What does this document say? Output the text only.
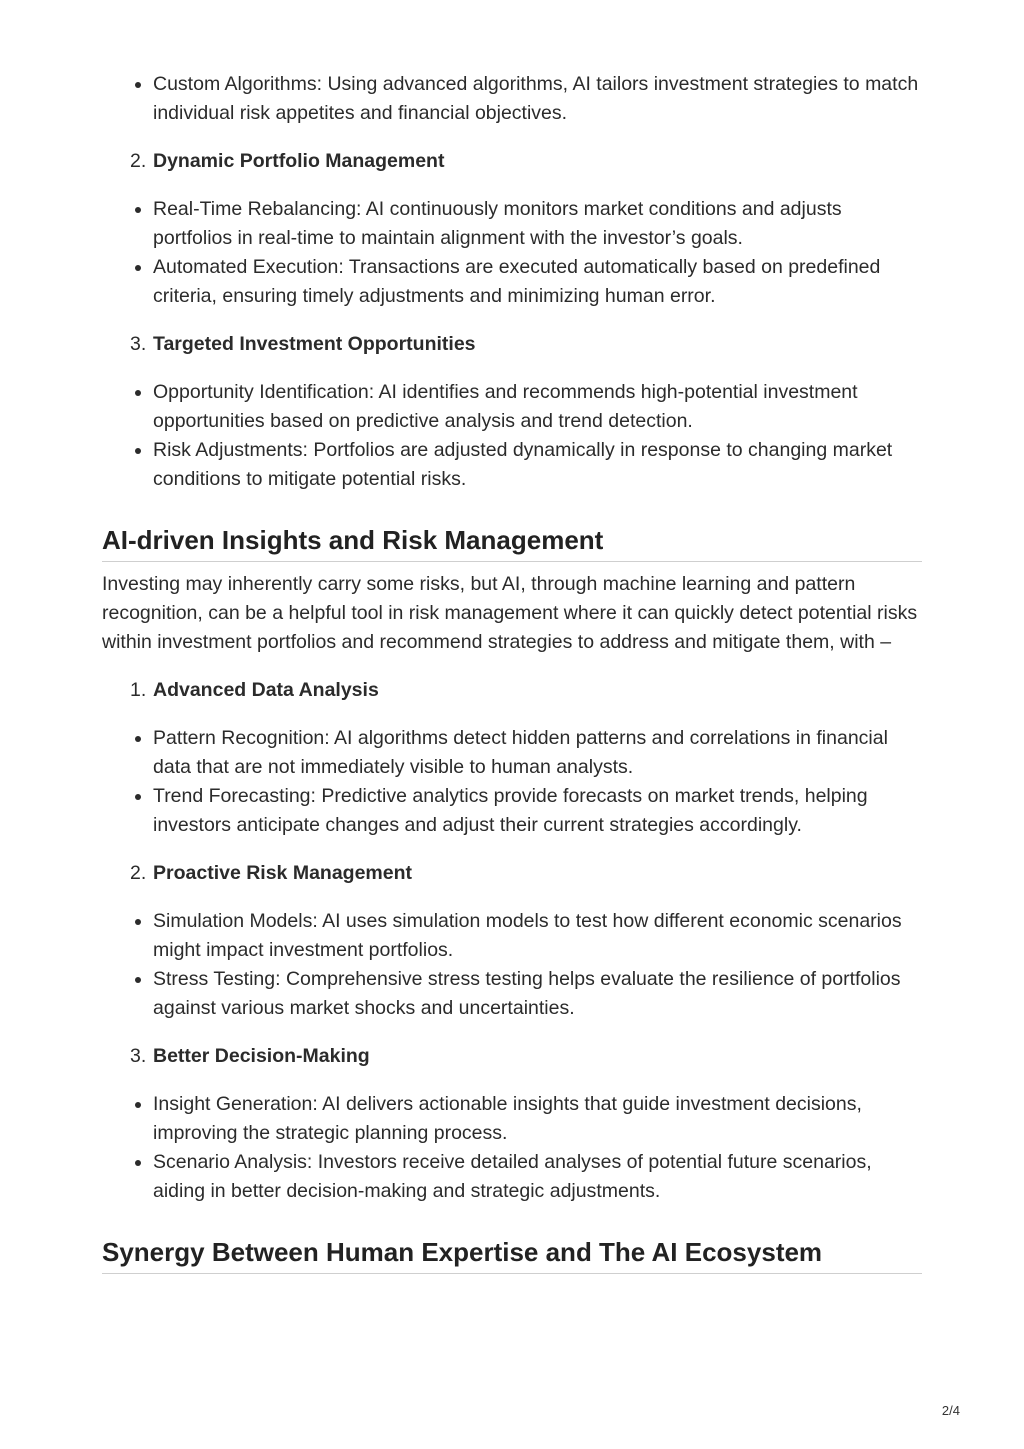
Custom Algorithms: Using advanced algorithms, AI tailors investment strategies to match individual risk appetites and financial objectives.
2. Dynamic Portfolio Management
Real-Time Rebalancing: AI continuously monitors market conditions and adjusts portfolios in real-time to maintain alignment with the investor’s goals.
Automated Execution: Transactions are executed automatically based on predefined criteria, ensuring timely adjustments and minimizing human error.
3. Targeted Investment Opportunities
Opportunity Identification: AI identifies and recommends high-potential investment opportunities based on predictive analysis and trend detection.
Risk Adjustments: Portfolios are adjusted dynamically in response to changing market conditions to mitigate potential risks.
AI-driven Insights and Risk Management

Investing may inherently carry some risks, but AI, through machine learning and pattern recognition, can be a helpful tool in risk management where it can quickly detect potential risks within investment portfolios and recommend strategies to address and mitigate them, with –

1. Advanced Data Analysis
Pattern Recognition: AI algorithms detect hidden patterns and correlations in financial data that are not immediately visible to human analysts.
Trend Forecasting: Predictive analytics provide forecasts on market trends, helping investors anticipate changes and adjust their current strategies accordingly.
2. Proactive Risk Management
Simulation Models: AI uses simulation models to test how different economic scenarios might impact investment portfolios.
Stress Testing: Comprehensive stress testing helps evaluate the resilience of portfolios against various market shocks and uncertainties.
3. Better Decision-Making
Insight Generation: AI delivers actionable insights that guide investment decisions, improving the strategic planning process.
Scenario Analysis: Investors receive detailed analyses of potential future scenarios, aiding in better decision-making and strategic adjustments.
Synergy Between Human Expertise and The AI Ecosystem
2/4
